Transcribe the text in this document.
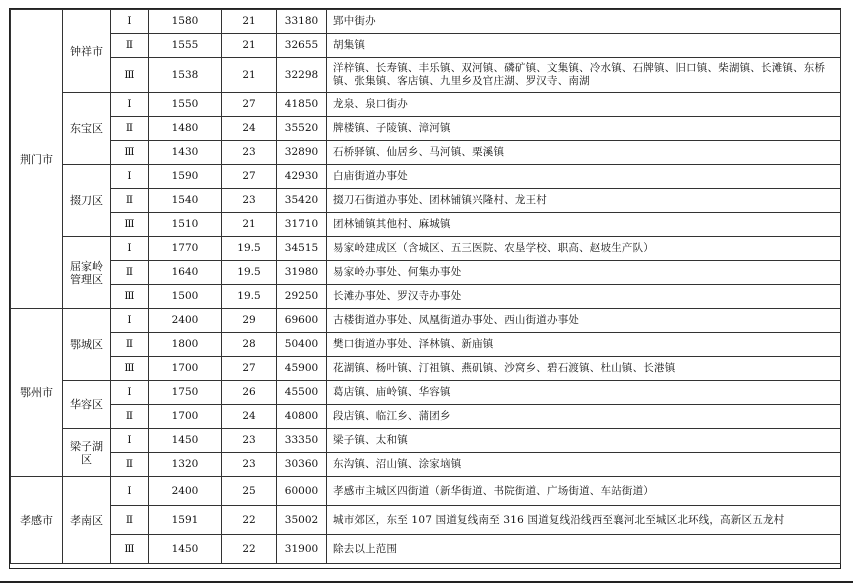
荆门市	钟祥市	Ⅰ	1580	21	33180	郢中街办
		Ⅱ	1555	21	32655	胡集镇
		Ⅲ	1538	21	32298	洋梓镇、长寿镇、丰乐镇、双河镇、磷矿镇、文集镇、冷水镇、石牌镇、旧口镇、柴湖镇、长滩镇、东桥镇、张集镇、客店镇、九里乡及官庄湖、罗汉寺、南湖
	东宝区	Ⅰ	1550	27	41850	龙泉、泉口街办
		Ⅱ	1480	24	35520	牌楼镇、子陵镇、漳河镇
		Ⅲ	1430	23	32890	石桥驿镇、仙居乡、马河镇、栗溪镇
	掇刀区	Ⅰ	1590	27	42930	白庙街道办事处
		Ⅱ	1540	23	35420	掇刀石街道办事处、团林铺镇兴隆村、龙王村
		Ⅲ	1510	21	31710	团林铺镇其他村、麻城镇
	屈家岭管理区	Ⅰ	1770	19.5	34515	易家岭建成区（含城区、五三医院、农垦学校、职高、赵坡生产队）
		Ⅱ	1640	19.5	31980	易家岭办事处、何集办事处
		Ⅲ	1500	19.5	29250	长滩办事处、罗汉寺办事处
鄂州市	鄂城区	Ⅰ	2400	29	69600	古楼街道办事处、凤凰街道办事处、西山街道办事处
		Ⅱ	1800	28	50400	樊口街道办事处、泽林镇、新庙镇
		Ⅲ	1700	27	45900	花湖镇、杨叶镇、汀祖镇、燕矶镇、沙窝乡、碧石渡镇、杜山镇、长港镇
	华容区	Ⅰ	1750	26	45500	葛店镇、庙岭镇、华容镇
		Ⅱ	1700	24	40800	段店镇、临江乡、蒲团乡
	梁子湖区	Ⅰ	1450	23	33350	梁子镇、太和镇
		Ⅱ	1320	23	30360	东沟镇、沼山镇、涂家垴镇
孝感市	孝南区	Ⅰ	2400	25	60000	孝感市主城区四街道（新华街道、书院街道、广场街道、车站街道）
		Ⅱ	1591	22	35002	城市郊区，东至 107 国道复线南至 316 国道复线沿线西至襄河北至城区北环线，高新区五龙村
		Ⅲ	1450	22	31900	除去以上范围
